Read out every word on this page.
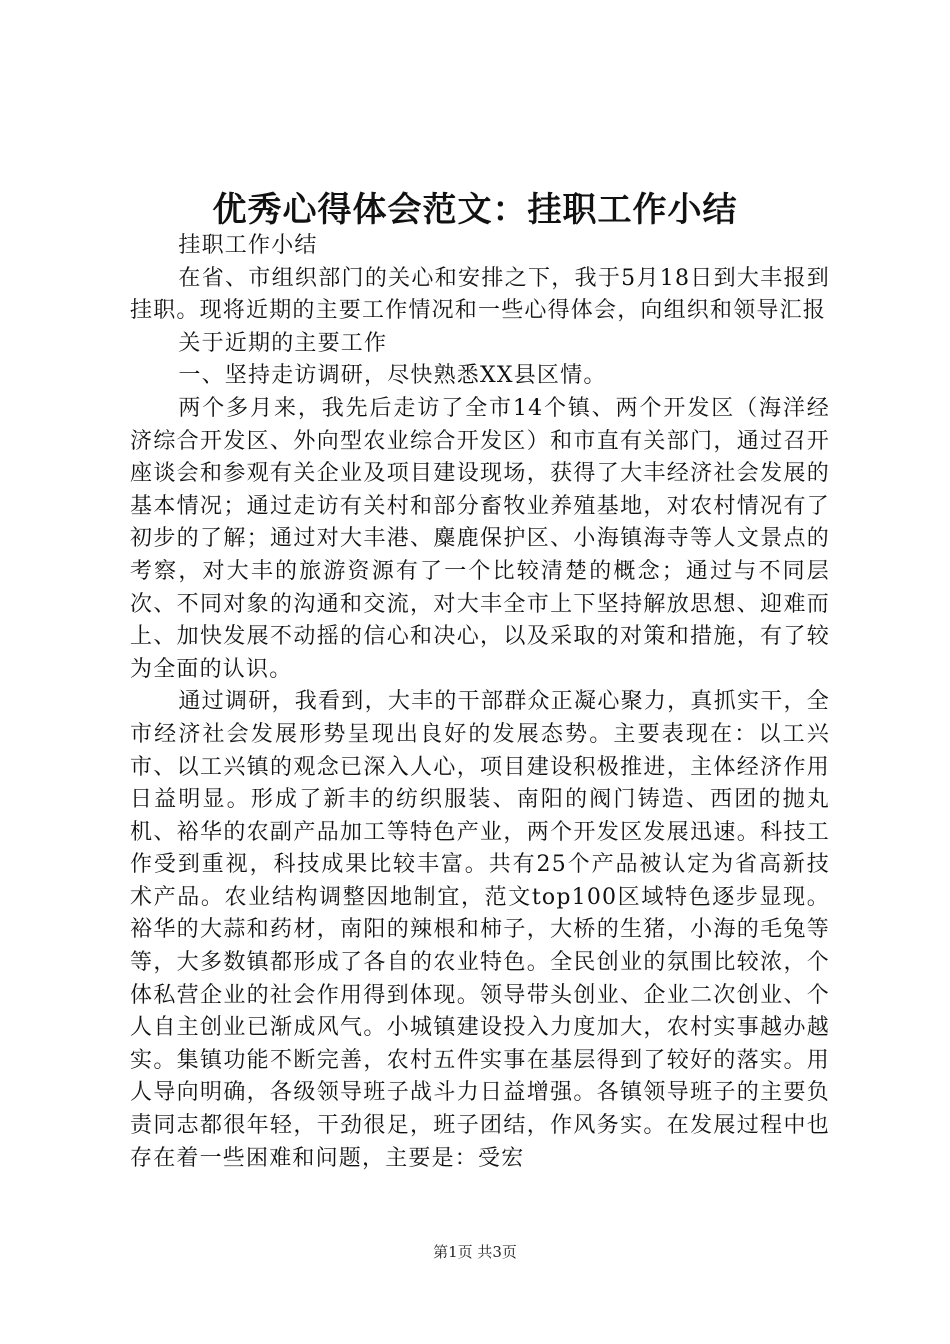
优秀心得体会范文：挂职工作小结

挂职工作小结

在省、市组织部门的关心和安排之下，我于5月18日到大丰报到挂职。现将近期的主要工作情况和一些心得体会，向组织和领导汇报

关于近期的主要工作

一、坚持走访调研，尽快熟悉XX县区情。

两个多月来，我先后走访了全市14个镇、两个开发区（海洋经济综合开发区、外向型农业综合开发区）和市直有关部门，通过召开座谈会和参观有关企业及项目建设现场，获得了大丰经济社会发展的基本情况；通过走访有关村和部分畜牧业养殖基地，对农村情况有了初步的了解；通过对大丰港、麋鹿保护区、小海镇海寺等人文景点的考察，对大丰的旅游资源有了一个比较清楚的概念；通过与不同层次、不同对象的沟通和交流，对大丰全市上下坚持解放思想、迎难而上、加快发展不动摇的信心和决心，以及采取的对策和措施，有了较为全面的认识。

通过调研，我看到，大丰的干部群众正凝心聚力，真抓实干，全市经济社会发展形势呈现出良好的发展态势。主要表现在：以工兴市、以工兴镇的观念已深入人心，项目建设积极推进，主体经济作用日益明显。形成了新丰的纺织服装、南阳的阀门铸造、西团的抛丸机、裕华的农副产品加工等特色产业，两个开发区发展迅速。科技工作受到重视，科技成果比较丰富。共有25个产品被认定为省高新技术产品。农业结构调整因地制宜，范文top100区域特色逐步显现。裕华的大蒜和药材，南阳的辣根和柿子，大桥的生猪，小海的毛兔等等，大多数镇都形成了各自的农业特色。全民创业的氛围比较浓，个体私营企业的社会作用得到体现。领导带头创业、企业二次创业、个人自主创业已渐成风气。小城镇建设投入力度加大，农村实事越办越实。集镇功能不断完善，农村五件实事在基层得到了较好的落实。用人导向明确，各级领导班子战斗力日益增强。各镇领导班子的主要负责同志都很年轻，干劲很足，班子团结，作风务实。在发展过程中也存在着一些困难和问题，主要是：受宏

第1页 共3页
